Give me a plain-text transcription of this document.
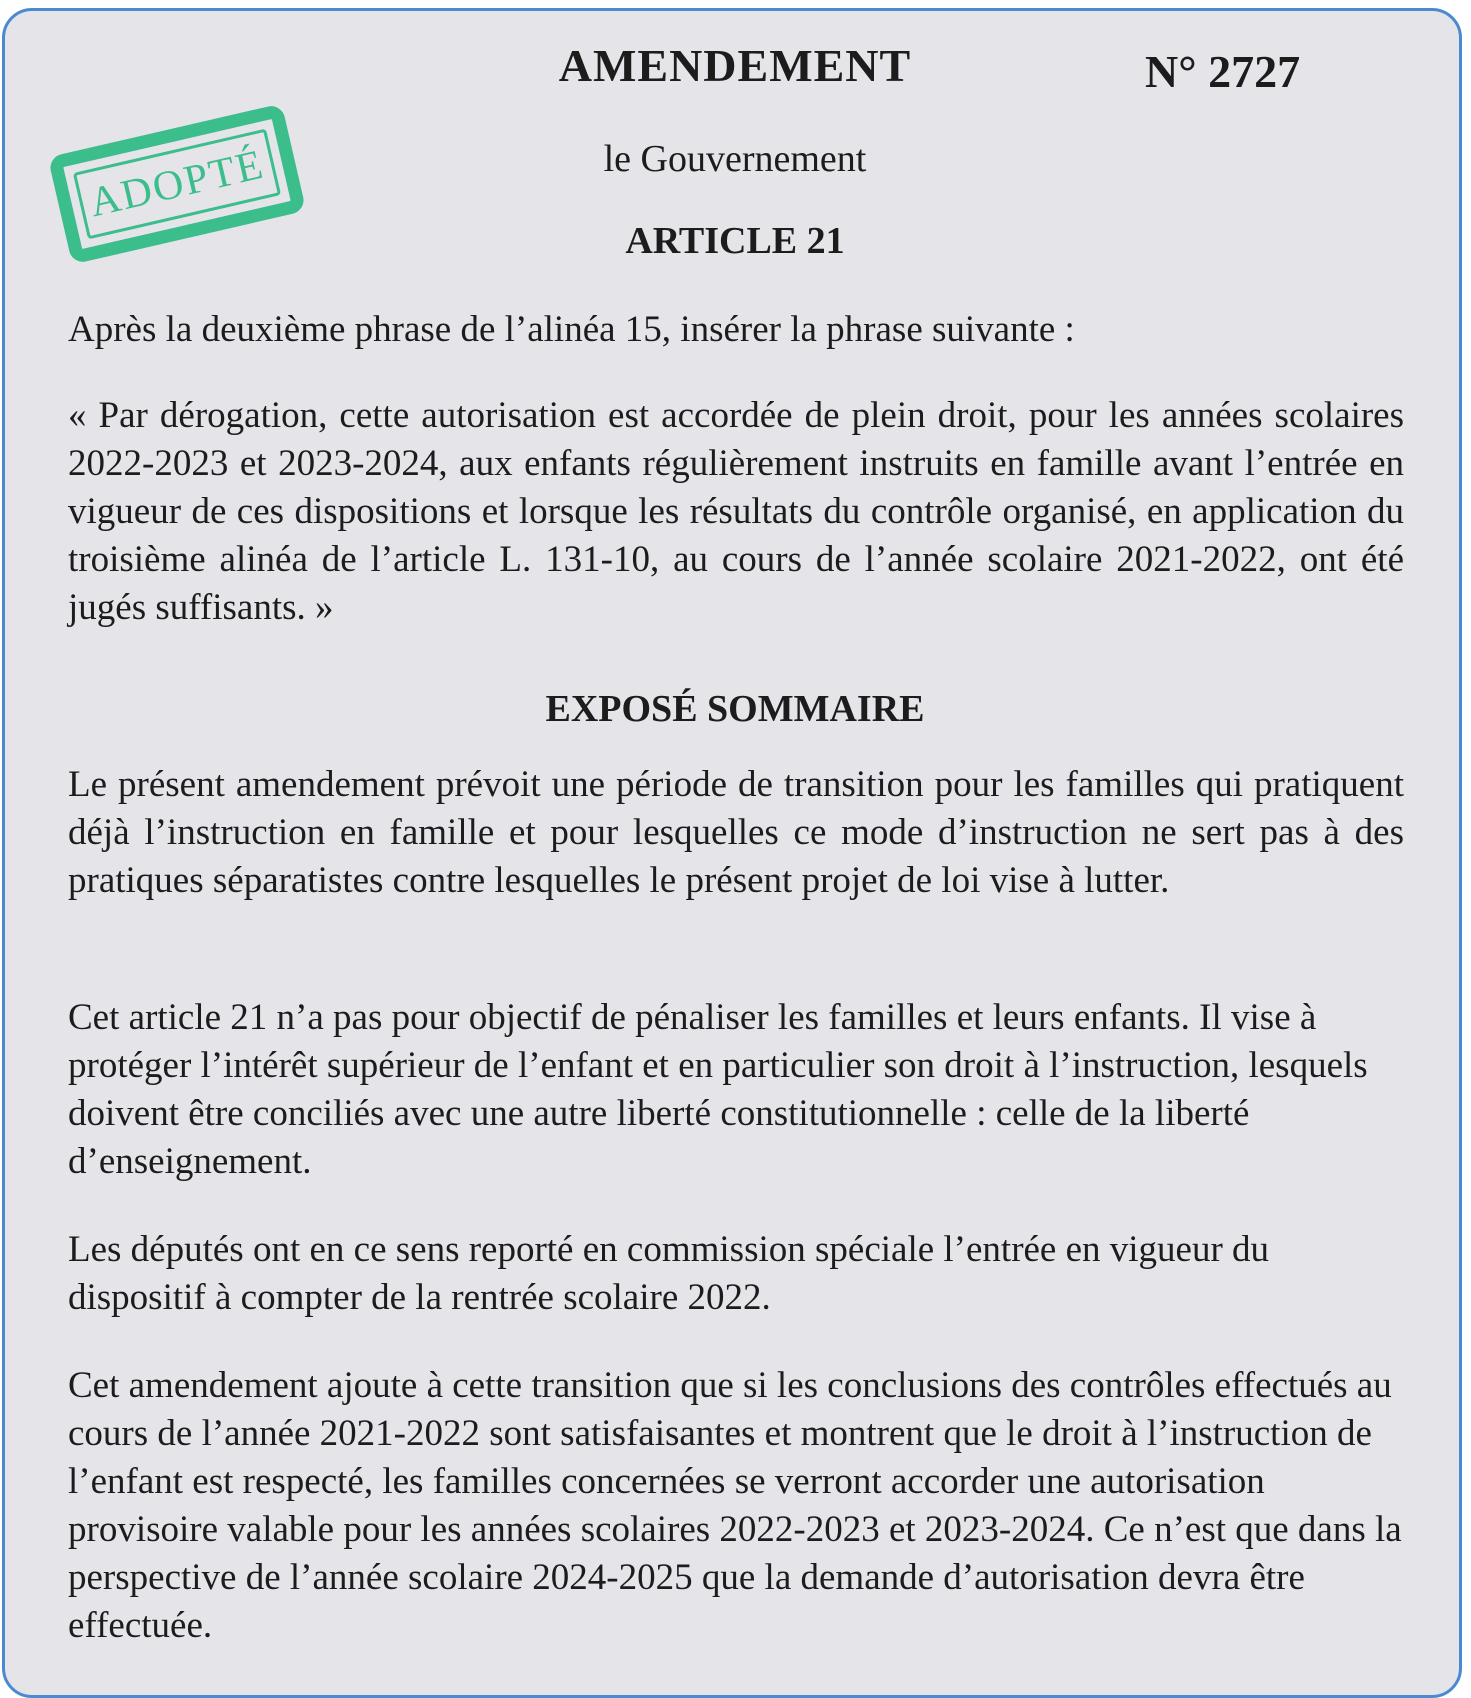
AMENDEMENT	N° 2727
ADOPTÉ	le Gouvernement
ARTICLE 21

Après la deuxième phrase de l’alinéa 15, insérer la phrase suivante :

« Par dérogation, cette autorisation est accordée de plein droit, pour les années scolaires 2022-2023 et 2023-2024, aux enfants régulièrement instruits en famille avant l’entrée en vigueur de ces dispositions et lorsque les résultats du contrôle organisé, en application du troisième alinéa de l’article L. 131-10, au cours de l’année scolaire 2021-2022, ont été jugés suffisants. »

EXPOSÉ SOMMAIRE

Le présent amendement prévoit une période de transition pour les familles qui pratiquent déjà l’instruction en famille et pour lesquelles ce mode d’instruction ne sert pas à des pratiques séparatistes contre lesquelles le présent projet de loi vise à lutter.

Cet article 21 n’a pas pour objectif de pénaliser les familles et leurs enfants. Il vise à protéger l’intérêt supérieur de l’enfant et en particulier son droit à l’instruction, lesquels doivent être conciliés avec une autre liberté constitutionnelle : celle de la liberté d’enseignement.

Les députés ont en ce sens reporté en commission spéciale l’entrée en vigueur du dispositif à compter de la rentrée scolaire 2022.

Cet amendement ajoute à cette transition que si les conclusions des contrôles effectués au cours de l’année 2021-2022 sont satisfaisantes et montrent que le droit à l’instruction de l’enfant est respecté, les familles concernées se verront accorder une autorisation provisoire valable pour les années scolaires 2022-2023 et 2023-2024. Ce n’est que dans la perspective de l’année scolaire 2024-2025 que la demande d’autorisation devra être effectuée.
